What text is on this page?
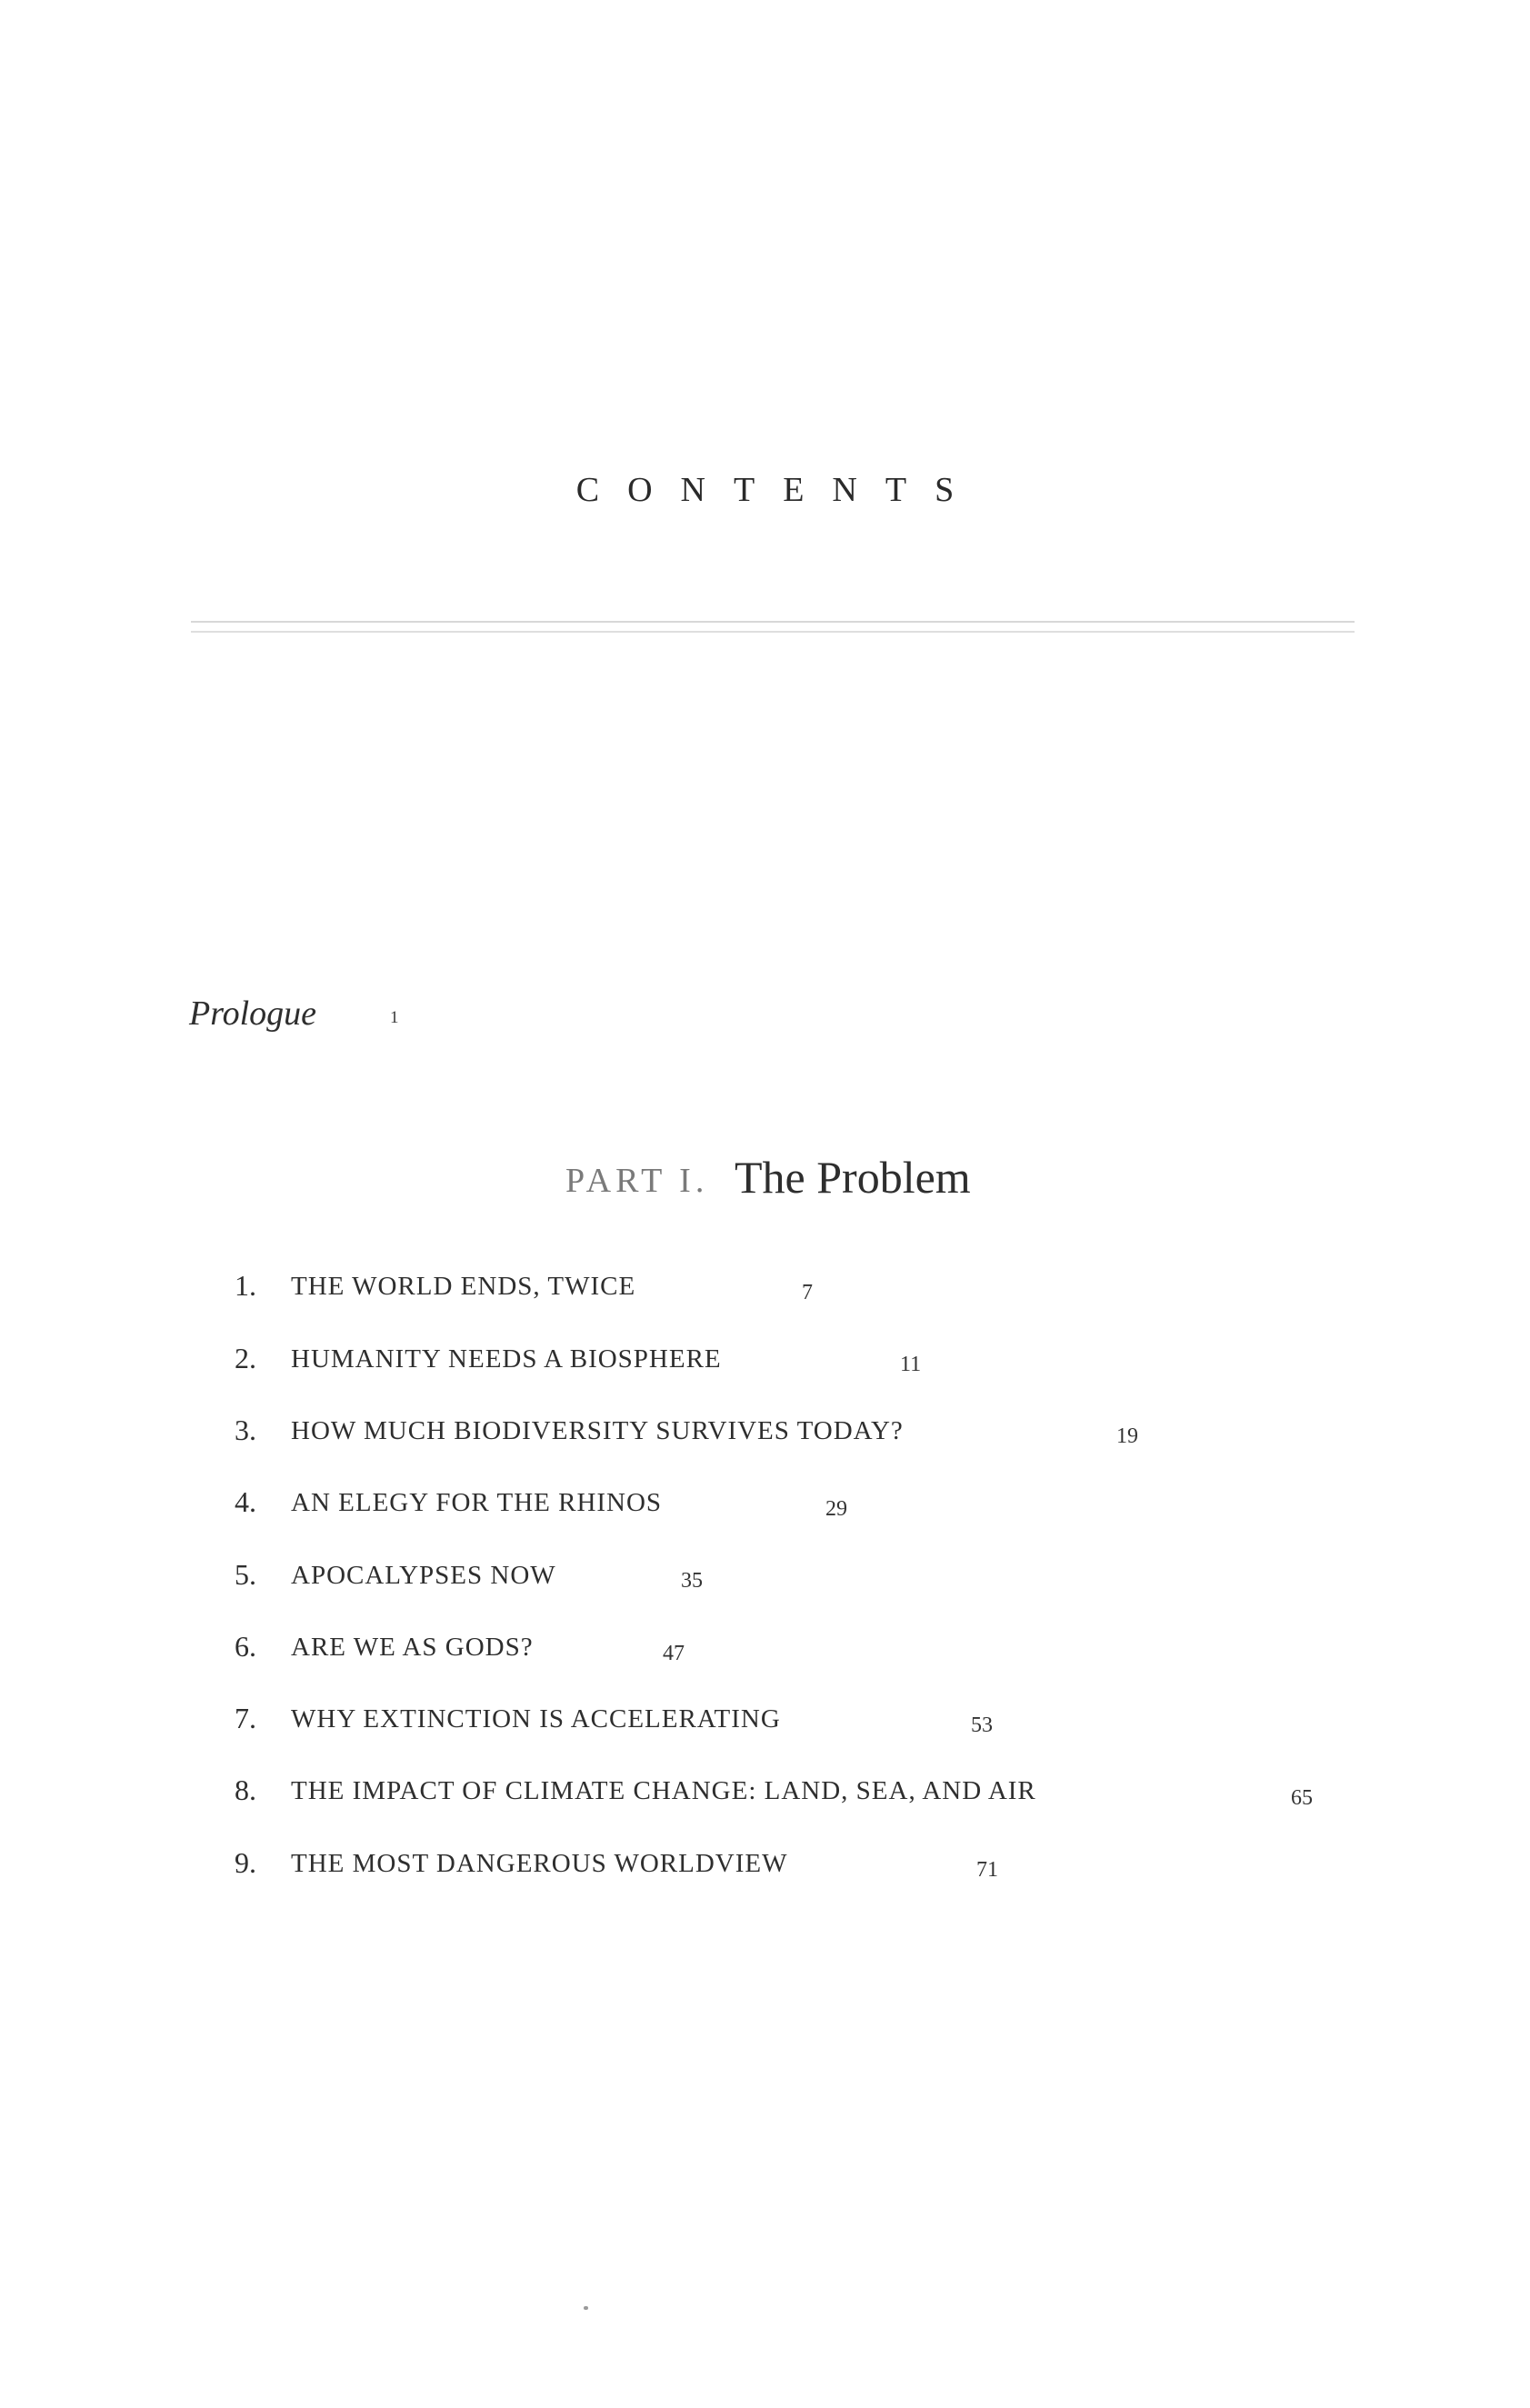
CONTENTS
Prologue	1
PART I. The Problem
1. THE WORLD ENDS, TWICE	7
2. HUMANITY NEEDS A BIOSPHERE	11
3. HOW MUCH BIODIVERSITY SURVIVES TODAY?	19
4. AN ELEGY FOR THE RHINOS	29
5. APOCALYPSES NOW	35
6. ARE WE AS GODS?	47
7. WHY EXTINCTION IS ACCELERATING	53
8. THE IMPACT OF CLIMATE CHANGE: LAND, SEA, AND AIR	65
9. THE MOST DANGEROUS WORLDVIEW	71
